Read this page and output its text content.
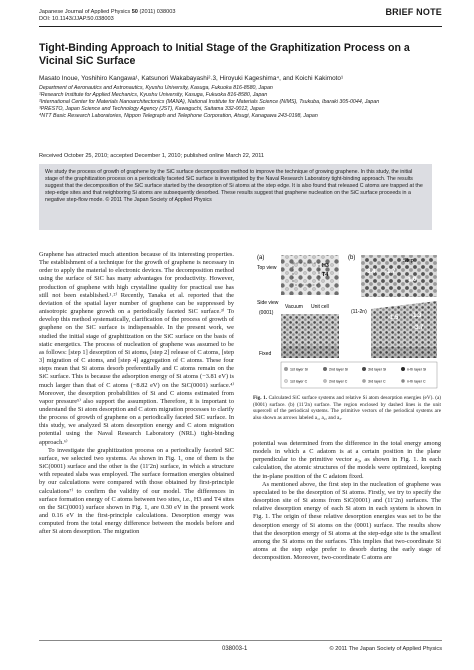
Japanese Journal of Applied Physics 50 (2011) 038003
DOI: 10.1143/JJAP.50.038003
BRIEF NOTE
Tight-Binding Approach to Initial Stage of the Graphitization Process on a Vicinal SiC Surface
Masato Inoue, Yoshihiro Kangawa¹, Katsunori Wakabayashi²˒3, Hiroyuki Kageshima⁴, and Koichi Kakimoto¹
Department of Aeronautics and Astronautics, Kyushu University, Kasuga, Fukuoka 816-8580, Japan
¹Research Institute for Applied Mechanics, Kyushu University, Kasuga, Fukuoka 816-8580, Japan
²International Center for Materials Nanoarchitectonics (MANA), National Institute for Materials Science (NIMS), Tsukuba, Ibaraki 305-0044, Japan
³PRESTO, Japan Science and Technology Agency (JST), Kawaguchi, Saitama 332-0012, Japan
⁴NTT Basic Research Laboratories, Nippon Telegraph and Telephone Corporation, Atsugi, Kanagawa 243-0198, Japan
Received October 25, 2010; accepted December 1, 2010; published online March 22, 2011
We study the process of growth of graphene by the SiC surface decomposition method to improve the technique of growing graphene. In this study, the initial stage of the graphitization process on a periodically faceted SiC surface is investigated by the Naval Research Laboratory tight-binding approach. The results suggest that the decomposition of the SiC surface started by the desorption of Si atoms at the step edge. It is also found that released C atoms are trapped at the step-edge sites and that neighboring Si atoms are subsequently desorbed. These results suggest that graphene nucleation on the SiC surface proceeds in a negative step-flow mode. © 2011 The Japan Society of Applied Physics

Graphene has attracted much attention because of its interesting properties. The establishment of a technique for the growth of graphene is necessary in order to apply the material to electronic devices. The decomposition method using the surface of SiC has many advantages for productivity. However, production of graphene with high crystalline quality for practical use has still not been established.¹˒²⁾ Recently, Tanaka et al. reported that the deviation of the spatial layer number of graphene can be suppressed by anisotropic graphene growth on a periodically faceted SiC surface.³⁾ To develop this method systematically, clarification of the process of growth of graphene on the SiC surface is indispensable. In the present work, we studied the initial stage of graphitization on the SiC surface on the basis of static energetics. The process of nucleation of graphene was assumed to be as follows: [step 1] desorption of Si atoms, [step 2] release of C atoms, [step 3] migration of C atoms, and [step 4] aggregation of C atoms. These four steps mean that Si atoms desorb preferentially and C atoms remain on the SiC surface. This is because the adsorption energy of Si atoms (−3.81 eV) is much larger than that of C atoms (−8.82 eV) on the SiC(0001) surface.⁴⁾ Moreover, the desorption probabilities of Si and C atoms estimated from vapor pressure⁵⁾ also support the assumption. Therefore, it is important to understand the Si atom desorption and C atom migration processes to clarify the process of growth of graphene on a periodically faceted SiC surface. In this study, we analyzed Si atom desorption energy and C atom migration potential using the Naval Research Laboratory (NRL) tight-binding approach.⁶⁾

To investigate the graphitization process on a periodically faceted SiC surface, we selected two systems. As shown in Fig. 1, one of them is the SiC(0001) surface and the other is the (11′2n) surface, in which a structure with repeated slabs was employed. The surface formation energies obtained by our calculations were compared with those obtained by first-principle calculations⁷⁾ to confirm the validity of our model. The differences in surface formation energy of C atoms between two sites, i.e., H3 and T4 sites on the SiC(0001) surface shown in Fig. 1, are 0.30 eV in the present work and 0.16 eV in the first-principle calculations. Desorption energy was computed from the total energy difference between the models before and after Si atom desorption. The migration

(a)
Top view	H3
T4
Side view
(0001)
Vacuum Unit cell
Fixed
(b)	Step
-3.4 -1.7
-1.0
(11-2n)
-1.5 -1.3
-3.7
1st layer Si	2nd layer Si	3rd layer Si	n-th layer Si
1st layer C	2nd layer C	3rd layer C	n-th layer C
Fig. 1. Calculated SiC surface systems and relative Si atom desorption energies (eV). (a) (0001) surface. (b) (11′2n) surface. The region enclosed by dashed lines is the unit supercell of the periodical systems. The primitive vectors of the periodical systems are also shown as arrows labeled a₁, a₂, and a₃.

potential was determined from the difference in the total energy among models in which a C adatom is at a certain position in the plane perpendicular to the primitive vector a₃, as shown in Fig. 1. In each calculation, the atomic structures of the models were optimized, keeping the in-plane position of the C adatom fixed.

As mentioned above, the first step in the nucleation of graphene was speculated to be the desorption of Si atoms. Firstly, we try to specify the desorption site of Si atoms from SiC(0001) and (11′2n) surfaces. The relative desorption energy of each Si atom in each system is shown in Fig. 1. The origin of these relative desorption energies was set to be the desorption energy of Si atoms on the (0001) surface. The results show that the desorption energy of Si atoms at the step-edge site is the smallest among the Si atoms on the surfaces. This implies that two-coordinate Si atoms at the step edge prefer to desorb during the early stage of decomposition. Moreover, two-coordinate C atoms are

038003-1	© 2011 The Japan Society of Applied Physics
